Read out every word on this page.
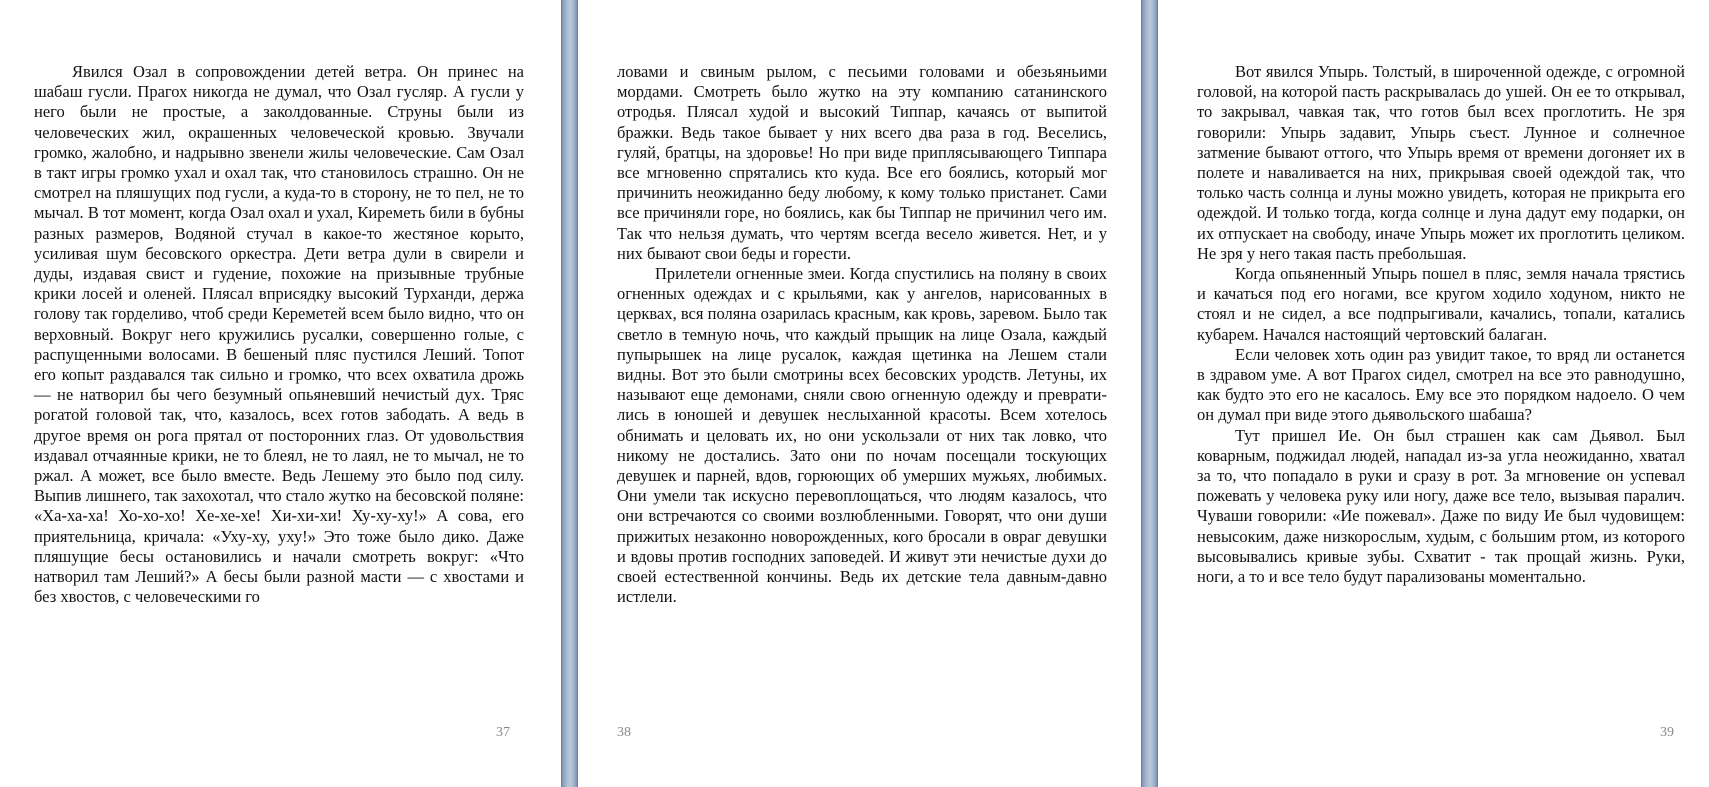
Явился Озал в сопровождении детей ветра. Он принес на шабаш гусли. Прагох никогда не думал, что Озал гусляр. А гусли у него были не простые, а заколдованные. Струны были из человеческих жил, окрашенных человеческой кровью. Звучали громко, жалобно, и надрывно звенели жилы человеческие. Сам Озал в такт игры громко ухал и охал так, что становилось страшно. Он не смотрел на пляшущих под гусли, а куда-то в сторону, не то пел, не то мычал. В тот момент, когда Озал охал и ухал, Киреметь били в бубны разных размеров, Водяной стучал в какое-то жестяное корыто, усиливая шум бесовского оркестра. Дети ветра дули в свирели и дуды, издавая свист и гудение, похожие на призывные трубные крики лосей и оленей. Плясал вприсядку высокий Турханди, держа голову так горделиво, чтоб среди Кереметей всем было видно, что он верховный. Вокруг него кружились русалки, совершенно голые, с распущенными волосами. В бешеный пляс пустился Леший. Топот его копыт раздавался так сильно и громко, что всех охватила дрожь — не натворил бы чего безумный опьяневший нечистый дух. Тряс рогатой головой так, что, казалось, всех готов забодать. А ведь в другое время он рога прятал от посторонних глаз. От удовольствия издавал отчаянные крики, не то блеял, не то лаял, не то мычал, не то ржал. А может, все было вместе. Ведь Лешему это было под силу. Выпив лишнего, так захохотал, что стало жутко на бесовской поляне: «Ха-ха-ха! Хо-хо-хо! Хе-хе-хе! Хи-хи-хи! Ху-ху-ху!» А сова, его приятельница, кричала: «Уху-ху, уху!» Это тоже было дико. Даже пляшущие бесы остановились и начали смотреть вокруг: «Что натворил там Леший?» А бесы были разной масти — с хвостами и без хвостов, с человеческими го

37

ловами и свиным рылом, с песьими головами и обезьяньими мордами. Смотреть было жутко на эту компанию сатанинского отродья. Плясал худой и высокий Типпар, качаясь от выпитой бражки. Ведь такое бывает у них всего два раза в год. Веселись, гуляй, братцы, на здоровье! Но при виде приплясывающего Типпара все мгновенно спрятались кто куда. Все его боялись, который мог причинить неожиданно беду любому, к кому только пристанет. Сами все причиняли горе, но боялись, как бы Типпар не причинил чего им. Так что нельзя думать, что чертям всегда весело живется. Нет, и у них бывают свои беды и горести.

Прилетели огненные змеи. Когда спустились на поляну в своих огненных одеждах и с крыльями, как у ангелов, нарисованных в церквах, вся поляна озарилась красным, как кровь, заревом. Было так светло в темную ночь, что каждый прыщик на лице Озала, каждый пупырышек на лице русалок, каждая щетинка на Лешем стали видны. Вот это были смотрины всех бесовских уродств. Летуны, их называют еще демонами, сняли свою огненную одежду и превратились в юношей и девушек неслыханной красоты. Всем хотелось обнимать и целовать их, но они ускользали от них так ловко, что никому не достались. Зато они по ночам посещали тоскующих девушек и парней, вдов, горюющих об умерших мужьях, любимых. Они умели так искусно перевоплощаться, что людям казалось, что они встречаются со своими возлюбленными. Говорят, что они души прижитых незаконно новорожденных, кого бросали в овраг девушки и вдовы против господних заповедей. И живут эти нечистые духи до своей естественной кончины. Ведь их детские тела давным-давно истлели.

38

Вот явился Упырь. Толстый, в широченной одежде, с огромной головой, на которой пасть раскрывалась до ушей. Он ее то открывал, то закрывал, чавкая так, что готов был всех проглотить. Не зря говорили: Упырь задавит, Упырь съест. Лунное и солнечное затмение бывают оттого, что Упырь время от времени догоняет их в полете и наваливается на них, прикрывая своей одеждой так, что только часть солнца и луны можно увидеть, которая не прикрыта его одеждой. И только тогда, когда солнце и луна дадут ему подарки, он их отпускает на свободу, иначе Упырь может их проглотить целиком. Не зря у него такая пасть пребольшая.

Когда опьяненный Упырь пошел в пляс, земля начала трястись и качаться под его ногами, все кругом ходило ходуном, никто не стоял и не сидел, а все подпрыгивали, качались, топали, катались кубарем. Начался настоящий чертовский балаган.

Если человек хоть один раз увидит такое, то вряд ли останется в здравом уме. А вот Прагох сидел, смотрел на все это равнодушно, как будто это его не касалось. Ему все это порядком надоело. О чем он думал при виде этого дьявольского шабаша?

Тут пришел Ие. Он был страшен как сам Дьявол. Был коварным, поджидал людей, нападал из-за угла неожиданно, хватал за то, что попадало в руки и сразу в рот. За мгновение он успевал пожевать у человека руку или ногу, даже все тело, вызывая паралич. Чуваши говорили: «Ие пожевал». Даже по виду Ие был чудовищем: невысоким, даже низкорослым, худым, с большим ртом, из которого высовывались кривые зубы. Схватит - так прощай жизнь. Руки, ноги, а то и все тело будут парализованы моментально.

39
